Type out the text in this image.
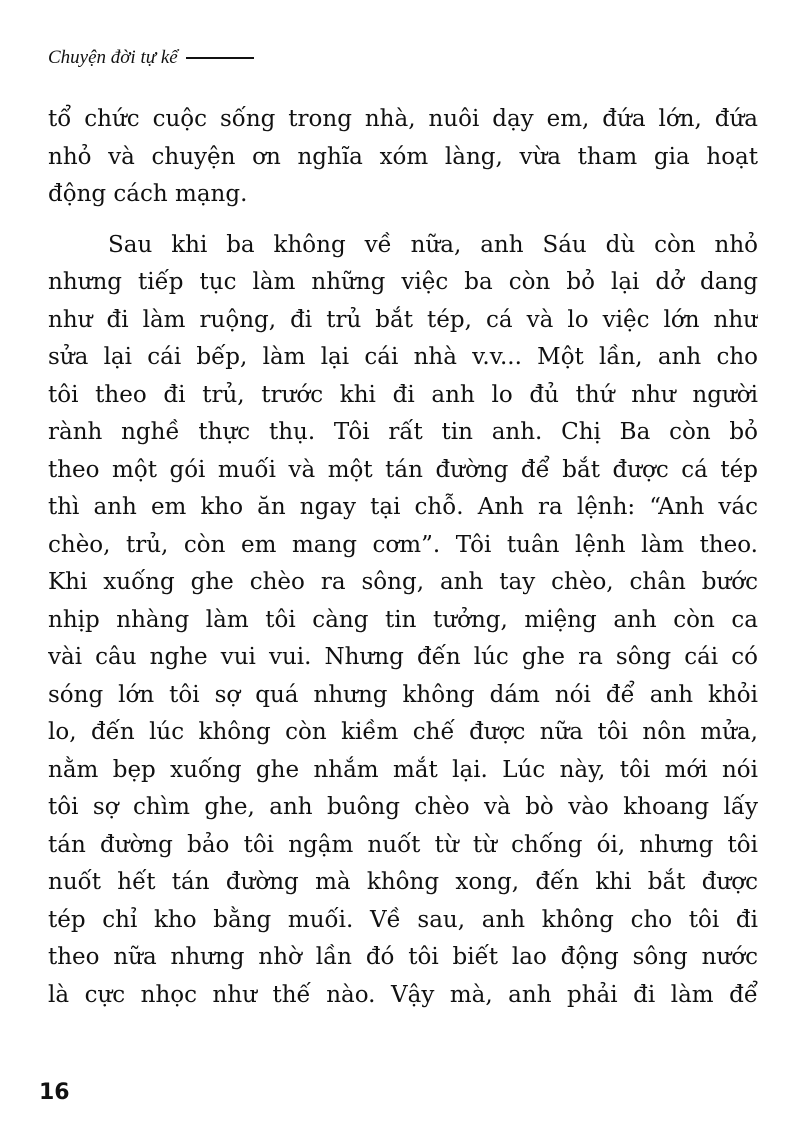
Chuyện đời tự kể
tổ chức cuộc sống trong nhà, nuôi dạy em, đứa lớn, đứa
nhỏ và chuyện ơn nghĩa xóm làng, vừa tham gia hoạt
động cách mạng.
Sau khi ba không về nữa, anh Sáu dù còn nhỏ
nhưng tiếp tục làm những việc ba còn bỏ lại dở dang
như đi làm ruộng, đi trủ bắt tép, cá và lo việc lớn như
sửa lại cái bếp, làm lại cái nhà v.v... Một lần, anh cho
tôi theo đi trủ, trước khi đi anh lo đủ thứ như người
rành nghề thực thụ. Tôi rất tin anh. Chị Ba còn bỏ
theo một gói muối và một tán đường để bắt được cá tép
thì anh em kho ăn ngay tại chỗ. Anh ra lệnh: “Anh vác
chèo, trủ, còn em mang cơm”. Tôi tuân lệnh làm theo.
Khi xuống ghe chèo ra sông, anh tay chèo, chân bước
nhịp nhàng làm tôi càng tin tưởng, miệng anh còn ca
vài câu nghe vui vui. Nhưng đến lúc ghe ra sông cái có
sóng lớn tôi sợ quá nhưng không dám nói để anh khỏi
lo, đến lúc không còn kiềm chế được nữa tôi nôn mửa,
nằm bẹp xuống ghe nhắm mắt lại. Lúc này, tôi mới nói
tôi sợ chìm ghe, anh buông chèo và bò vào khoang lấy
tán đường bảo tôi ngậm nuốt từ từ chống ói, nhưng tôi
nuốt hết tán đường mà không xong, đến khi bắt được
tép chỉ kho bằng muối. Về sau, anh không cho tôi đi
theo nữa nhưng nhờ lần đó tôi biết lao động sông nước
là cực nhọc như thế nào. Vậy mà, anh phải đi làm để
16
